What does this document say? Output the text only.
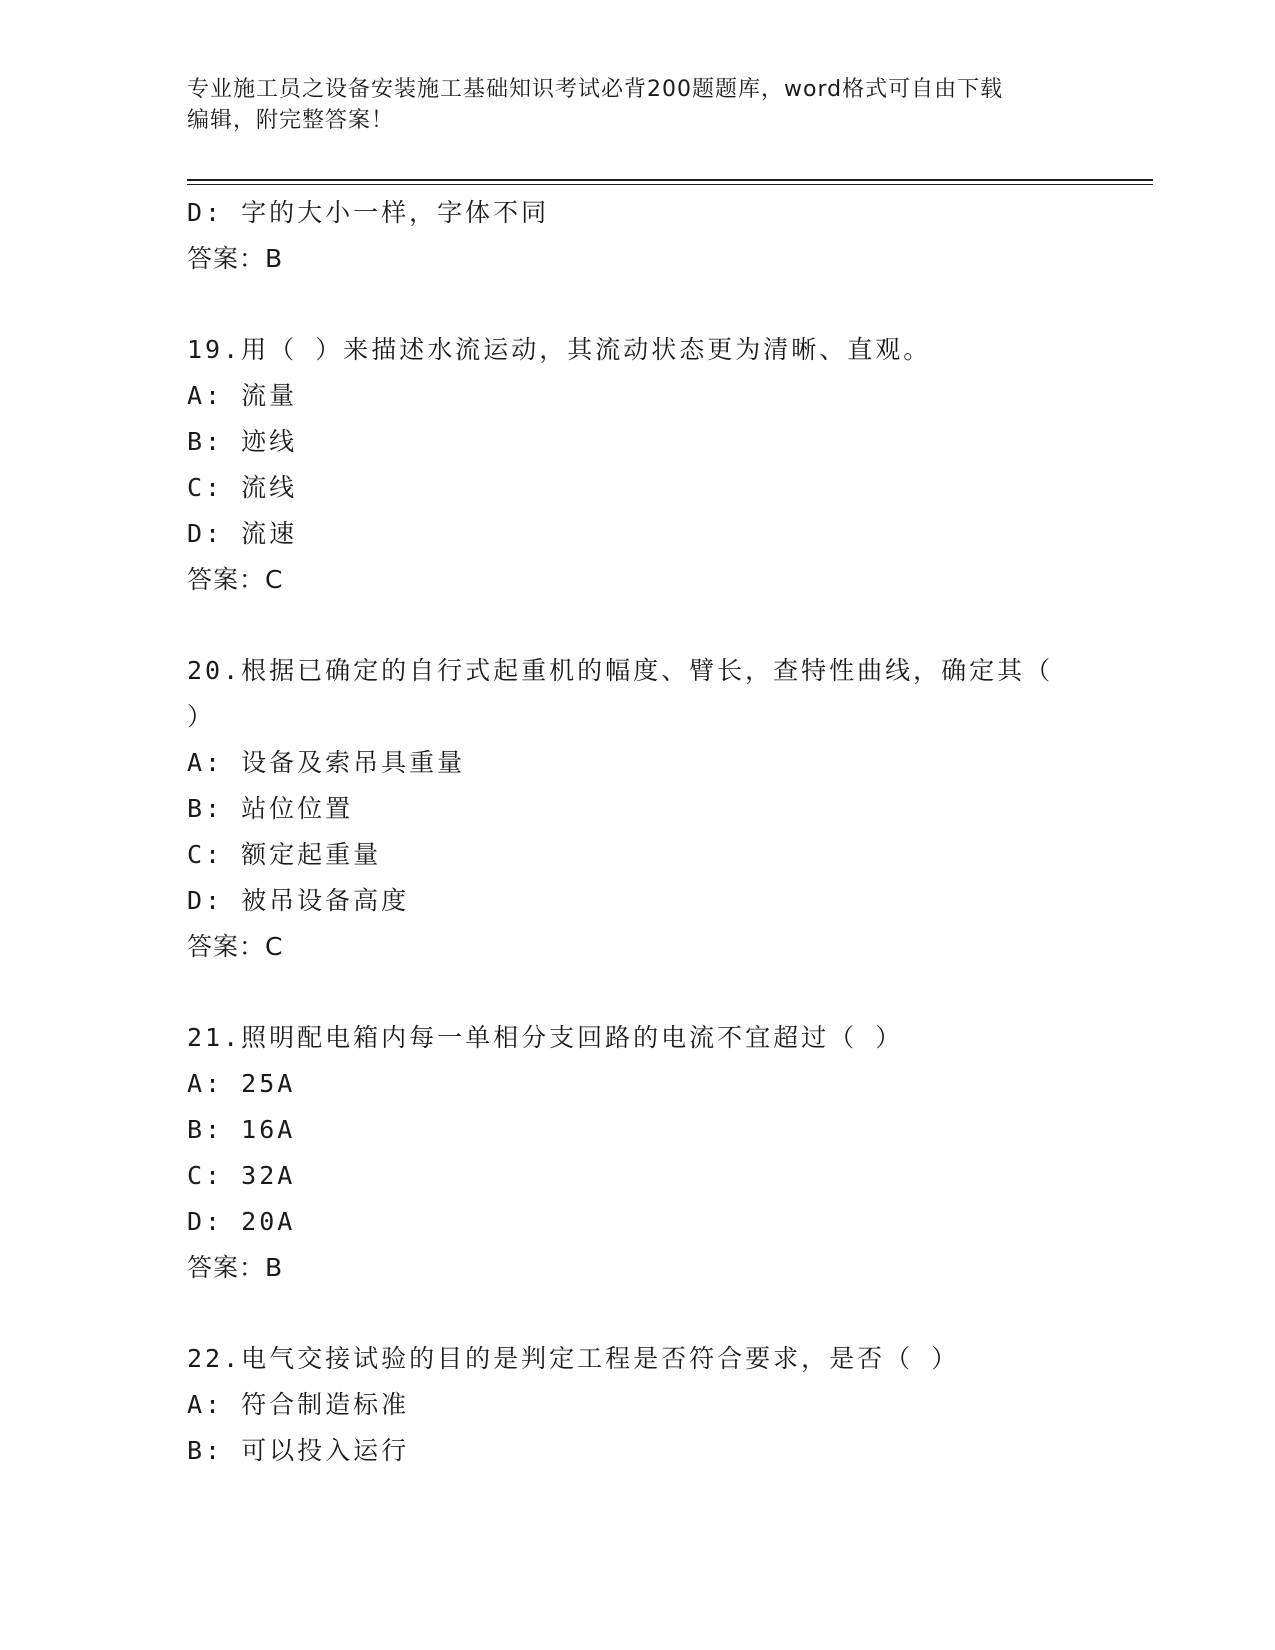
专业施工员之设备安装施工基础知识考试必背200题题库，word格式可自由下载
编辑，附完整答案！
D: 字的大小一样，字体不同
答案：B
19.用（ ）来描述水流运动，其流动状态更为清晰、直观。
A: 流量
B: 迹线
C: 流线
D: 流速
答案：C
20.根据已确定的自行式起重机的幅度、臂长，查特性曲线，确定其（
）
A: 设备及索吊具重量
B: 站位位置
C: 额定起重量
D: 被吊设备高度
答案：C
21.照明配电箱内每一单相分支回路的电流不宜超过（ ）
A: 25A
B: 16A
C: 32A
D: 20A
答案：B
22.电气交接试验的目的是判定工程是否符合要求，是否（ ）
A: 符合制造标准
B: 可以投入运行
